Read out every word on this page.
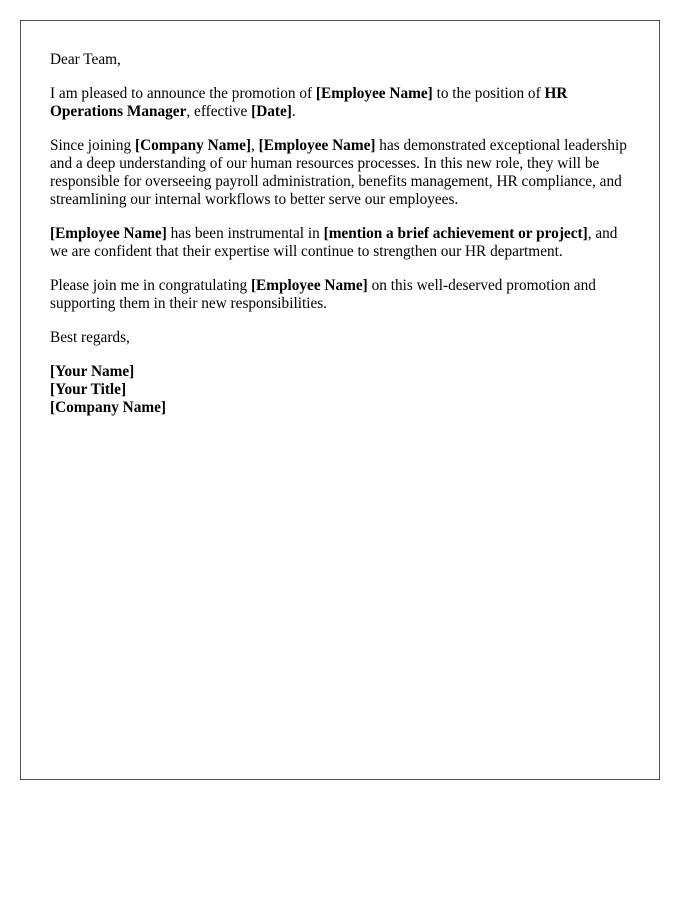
Dear Team,

I am pleased to announce the promotion of [Employee Name] to the position of HR Operations Manager, effective [Date].

Since joining [Company Name], [Employee Name] has demonstrated exceptional leadership and a deep understanding of our human resources processes. In this new role, they will be responsible for overseeing payroll administration, benefits management, HR compliance, and streamlining our internal workflows to better serve our employees.

[Employee Name] has been instrumental in [mention a brief achievement or project], and we are confident that their expertise will continue to strengthen our HR department.

Please join me in congratulating [Employee Name] on this well-deserved promotion and supporting them in their new responsibilities.

Best regards,

[Your Name]

[Your Title]

[Company Name]
